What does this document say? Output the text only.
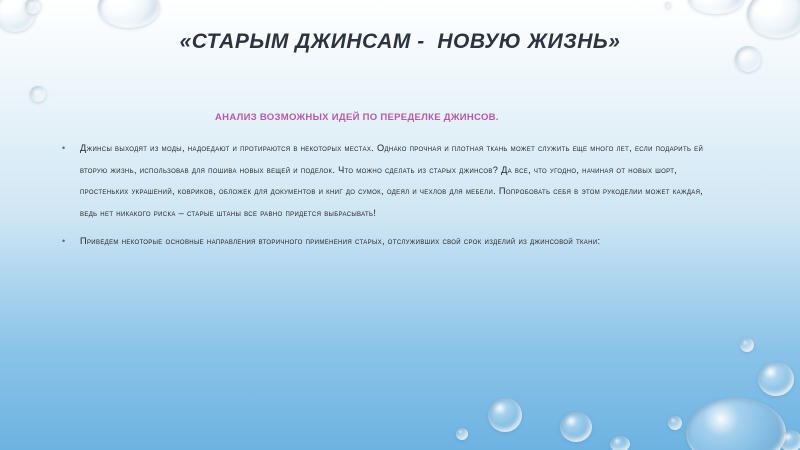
«СТАРЫМ ДЖИНСАМ -  НОВУЮ ЖИЗНЬ»
АНАЛИЗ ВОЗМОЖНЫХ ИДЕЙ ПО ПЕРЕДЕЛКЕ ДЖИНСОВ.
• Джинсы выходят из моды, надоедают и протираются в некоторых местах. Однако прочная и плотная ткань может служить еще много лет, если подарить ей вторую жизнь, использовав для пошива новых вещей и поделок. Что можно сделать из старых джинсов? Да все, что угодно, начиная от новых шорт, простеньких украшений, ковриков, обложек для документов и книг до сумок, одеял и чехлов для мебели. Попробовать себя в этом рукоделии может каждая, ведь нет никакого риска – старые штаны все равно придется выбрасывать!
• Приведем некоторые основные направления вторичного применения старых, отслуживших свой срок изделий из джинсовой ткани:
